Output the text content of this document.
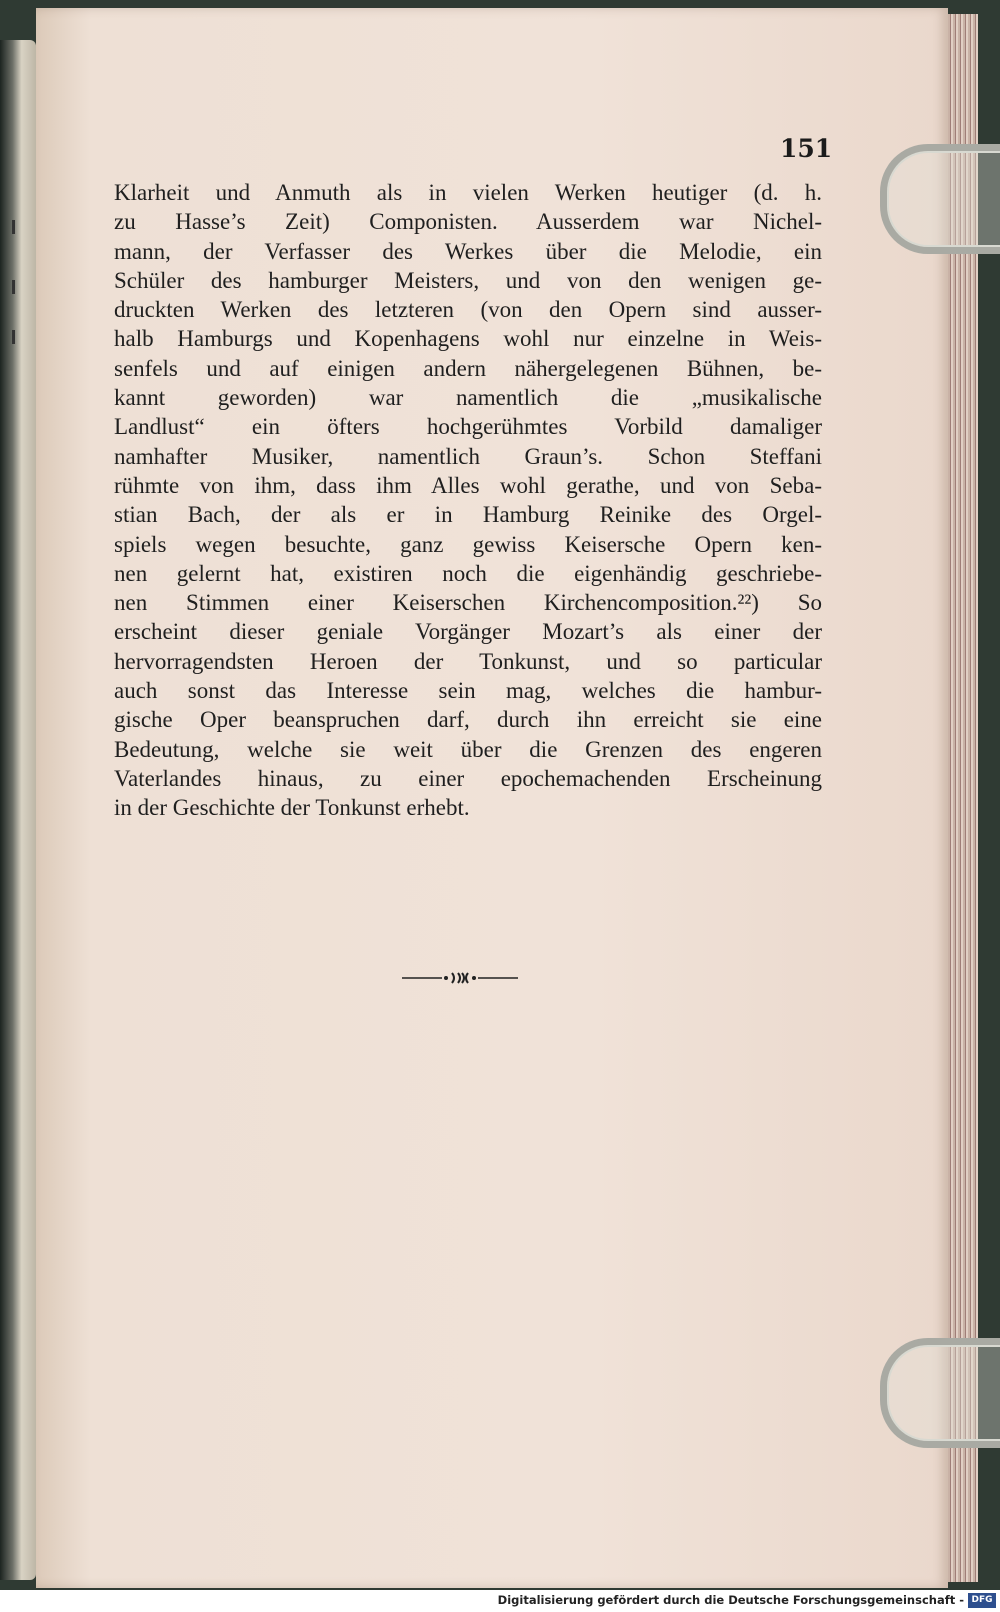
151
Klarheit und Anmuth als in vielen Werken heutiger (d. h.
zu Hasse’s Zeit) Componisten. Ausserdem war Nichel-
mann, der Verfasser des Werkes über die Melodie, ein
Schüler des hamburger Meisters, und von den wenigen ge-
druckten Werken des letzteren (von den Opern sind ausser-
halb Hamburgs und Kopenhagens wohl nur einzelne in Weis-
senfels und auf einigen andern nähergelegenen Bühnen, be-
kannt geworden) war namentlich die „musikalische
Landlust“ ein öfters hochgerühmtes Vorbild damaliger
namhafter Musiker, namentlich Graun’s. Schon Steffani
rühmte von ihm, dass ihm Alles wohl gerathe, und von Seba-
stian Bach, der als er in Hamburg Reinike des Orgel-
spiels wegen besuchte, ganz gewiss Keisersche Opern ken-
nen gelernt hat, existiren noch die eigenhändig geschriebe-
nen Stimmen einer Keiserschen Kirchencomposition.²²) So
erscheint dieser geniale Vorgänger Mozart’s als einer der
hervorragendsten Heroen der Tonkunst, und so particular
auch sonst das Interesse sein mag, welches die hambur-
gische Oper beanspruchen darf, durch ihn erreicht sie eine
Bedeutung, welche sie weit über die Grenzen des engeren
Vaterlandes hinaus, zu einer epochemachenden Erscheinung
in der Geschichte der Tonkunst erhebt.
Digitalisierung gefördert durch die Deutsche Forschungsgemeinschaft - DFG
